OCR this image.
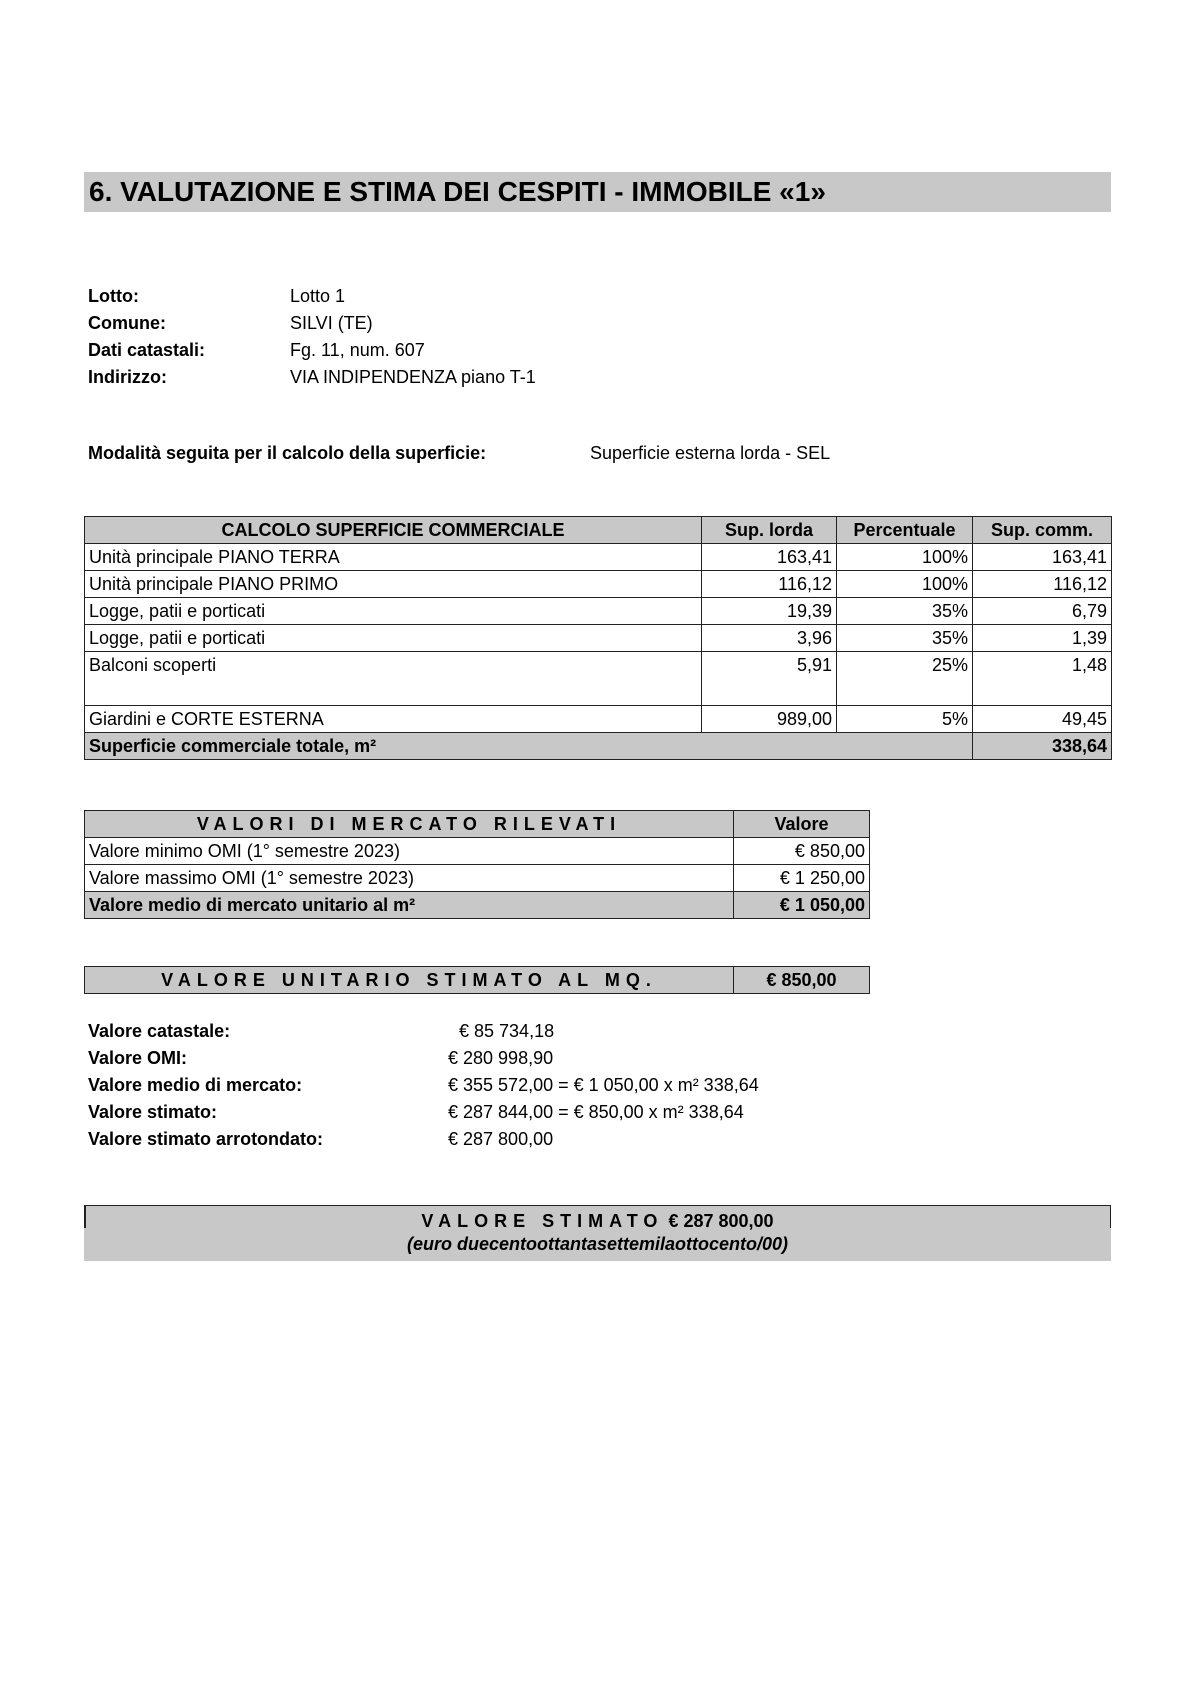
6. VALUTAZIONE E STIMA DEI CESPITI - IMMOBILE «1»
Lotto:	Lotto 1
Comune:	SILVI (TE)
Dati catastali:	Fg. 11, num. 607
Indirizzo:	VIA INDIPENDENZA piano T-1
Modalità seguita per il calcolo della superficie:	Superficie esterna lorda - SEL
CALCOLO SUPERFICIE COMMERCIALE	Sup. lorda	Percentuale	Sup. comm.
Unità principale PIANO TERRA	163,41	100%	163,41
Unità principale PIANO PRIMO	116,12	100%	116,12
Logge, patii e porticati	19,39	35%	6,79
Logge, patii e porticati	3,96	35%	1,39
Balconi scoperti	5,91	25%	1,48
Giardini e CORTE ESTERNA	989,00	5%	49,45
Superficie commerciale totale, m²			338,64
VALORI DI MERCATO RILEVATI	Valore
Valore minimo OMI (1° semestre 2023)	€ 850,00
Valore massimo OMI (1° semestre 2023)	€ 1 250,00
Valore medio di mercato unitario al m²	€ 1 050,00
VALORE UNITARIO STIMATO AL MQ.	€ 850,00
Valore catastale:	€ 85 734,18
Valore OMI:	€ 280 998,90
Valore medio di mercato:	€ 355 572,00 = € 1 050,00 x m² 338,64
Valore stimato:	€ 287 844,00 = € 850,00 x m² 338,64
Valore stimato arrotondato:	€ 287 800,00
VALORE STIMATO € 287 800,00
(euro duecentoottantasettemilaottocento/00)
